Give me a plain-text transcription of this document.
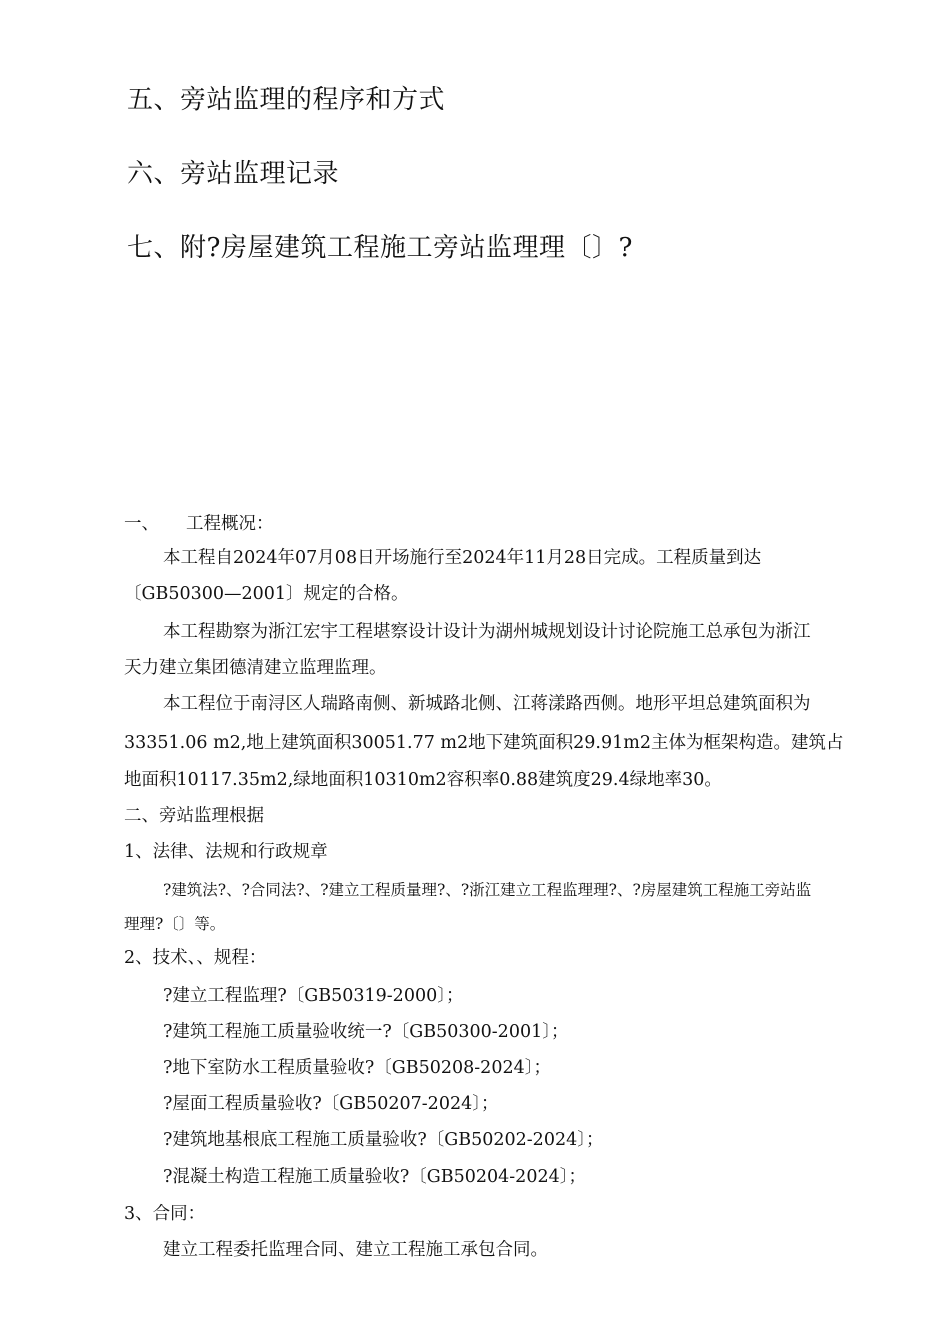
五、旁站监理的程序和方式
六、旁站监理记录
七、附?房屋建筑工程施工旁站监理理〔〕?
一、 工程概况：
本工程自2024年07月08日开场施行至2024年11月28日完成。工程质量到达
〔GB50300—2001〕规定的合格。
本工程勘察为浙江宏宇工程堪察设计设计为湖州城规划设计讨论院施工总承包为浙江
天力建立集团德清建立监理监理。
本工程位于南浔区人瑞路南侧、新城路北侧、江蒋漾路西侧。地形平坦总建筑面积为
33351.06 m2,地上建筑面积30051.77 m2地下建筑面积29.91m2主体为框架构造。建筑占
地面积10117.35m2,绿地面积10310m2容积率0.88建筑度29.4绿地率30。
二、旁站监理根据
1、法律、法规和行政规章
?建筑法?、?合同法?、?建立工程质量理?、?浙江建立工程监理理?、?房屋建筑工程施工旁站监
理理?〔〕等。
2、技术、、规程：
?建立工程监理?〔GB50319-2000〕；
?建筑工程施工质量验收统一?〔GB50300-2001〕；
?地下室防水工程质量验收?〔GB50208-2024〕；
?屋面工程质量验收?〔GB50207-2024〕；
?建筑地基根底工程施工质量验收?〔GB50202-2024〕；
?混凝土构造工程施工质量验收?〔GB50204-2024〕；
3、合同：
建立工程委托监理合同、建立工程施工承包合同。
